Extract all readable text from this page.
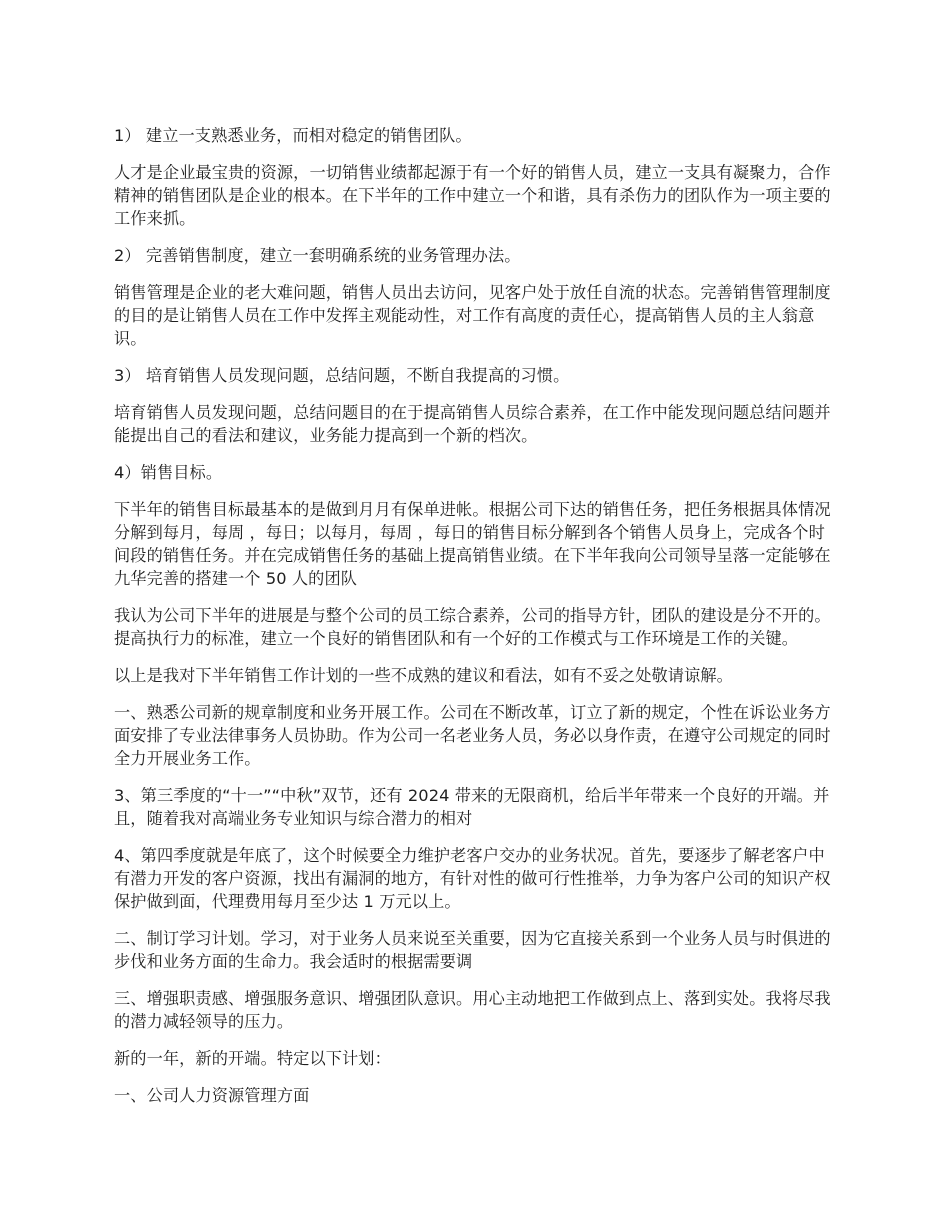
1） 建立一支熟悉业务，而相对稳定的销售团队。

人才是企业最宝贵的资源，一切销售业绩都起源于有一个好的销售人员，建立一支具有凝聚力，合作精神的销售团队是企业的根本。在下半年的工作中建立一个和谐，具有杀伤力的团队作为一项主要的工作来抓。

2） 完善销售制度，建立一套明确系统的业务管理办法。

销售管理是企业的老大难问题，销售人员出去访问，见客户处于放任自流的状态。完善销售管理制度的目的是让销售人员在工作中发挥主观能动性，对工作有高度的责任心，提高销售人员的主人翁意识。

3） 培育销售人员发现问题，总结问题，不断自我提高的习惯。

培育销售人员发现问题，总结问题目的在于提高销售人员综合素养，在工作中能发现问题总结问题并能提出自己的看法和建议，业务能力提高到一个新的档次。

4）销售目标。

下半年的销售目标最基本的是做到月月有保单进帐。根据公司下达的销售任务，把任务根据具体情况分解到每月，每周 ，每日；以每月，每周 ，每日的销售目标分解到各个销售人员身上，完成各个时间段的销售任务。并在完成销售任务的基础上提高销售业绩。在下半年我向公司领导呈落一定能够在九华完善的搭建一个 50 人的团队

我认为公司下半年的进展是与整个公司的员工综合素养，公司的指导方针，团队的建设是分不开的。提高执行力的标准，建立一个良好的销售团队和有一个好的工作模式与工作环境是工作的关键。

以上是我对下半年销售工作计划的一些不成熟的建议和看法，如有不妥之处敬请谅解。

一、熟悉公司新的规章制度和业务开展工作。公司在不断改革，订立了新的规定，个性在诉讼业务方面安排了专业法律事务人员协助。作为公司一名老业务人员，务必以身作责，在遵守公司规定的同时全力开展业务工作。

3、第三季度的“十一”“中秋”双节，还有 2024 带来的无限商机，给后半年带来一个良好的开端。并且，随着我对高端业务专业知识与综合潜力的相对

4、第四季度就是年底了，这个时候要全力维护老客户交办的业务状况。首先，要逐步了解老客户中有潜力开发的客户资源，找出有漏洞的地方，有针对性的做可行性推举，力争为客户公司的知识产权保护做到面，代理费用每月至少达 1 万元以上。

二、制订学习计划。学习，对于业务人员来说至关重要，因为它直接关系到一个业务人员与时俱进的步伐和业务方面的生命力。我会适时的根据需要调

三、增强职责感、增强服务意识、增强团队意识。用心主动地把工作做到点上、落到实处。我将尽我的潜力减轻领导的压力。

新的一年，新的开端。特定以下计划：

一、公司人力资源管理方面
